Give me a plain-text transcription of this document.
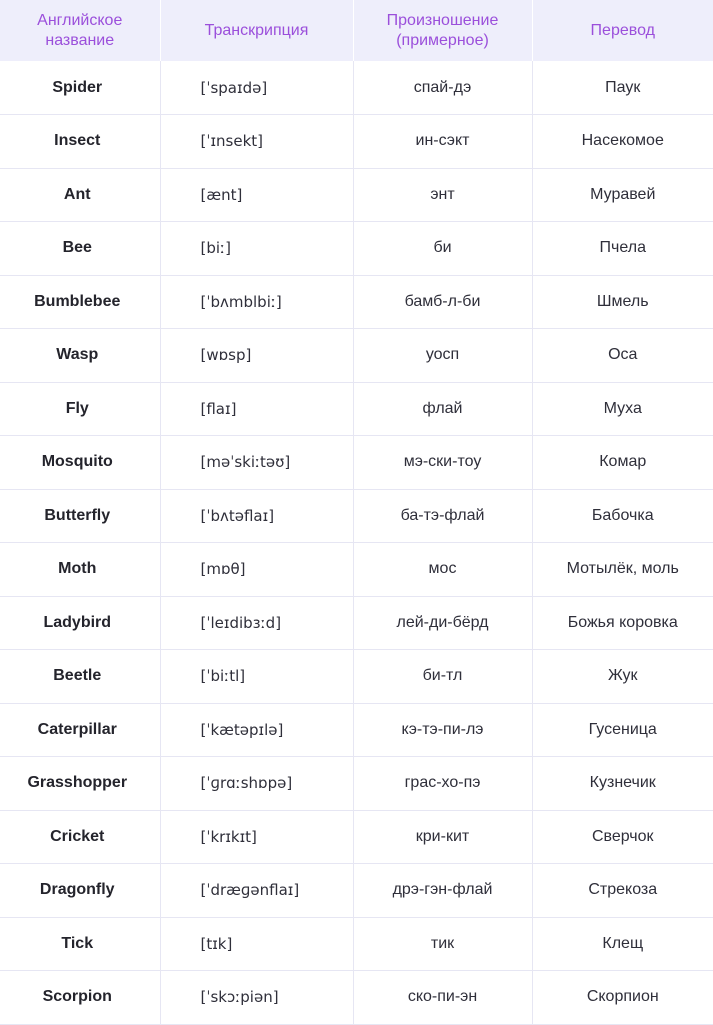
Английское название	Транскрипция	Произношение (примерное)	Перевод
Spider	[ˈspaɪdə]	спай-дэ	Паук
Insect	[ˈɪnsekt]	ин-сэкт	Насекомое
Ant	[ænt]	энт	Муравей
Bee	[biː]	би	Пчела
Bumblebee	[ˈbʌmblbiː]	бамб-л-би	Шмель
Wasp	[wɒsp]	уосп	Оса
Fly	[flaɪ]	флай	Муха
Mosquito	[məˈskiːtəʊ]	мэ-ски-тоу	Комар
Butterfly	[ˈbʌtəflaɪ]	ба-тэ-флай	Бабочка
Moth	[mɒθ]	мос	Мотылёк, моль
Ladybird	[ˈleɪdibɜːd]	лей-ди-бёрд	Божья коровка
Beetle	[ˈbiːtl]	би-тл	Жук
Caterpillar	[ˈkætəpɪlə]	кэ-тэ-пи-лэ	Гусеница
Grasshopper	[ˈɡrɑːshɒpə]	грас-хо-пэ	Кузнечик
Cricket	[ˈkrɪkɪt]	кри-кит	Сверчок
Dragonfly	[ˈdræɡənflaɪ]	дрэ-гэн-флай	Стрекоза
Tick	[tɪk]	тик	Клещ
Scorpion	[ˈskɔːpiən]	ско-пи-эн	Скорпион
